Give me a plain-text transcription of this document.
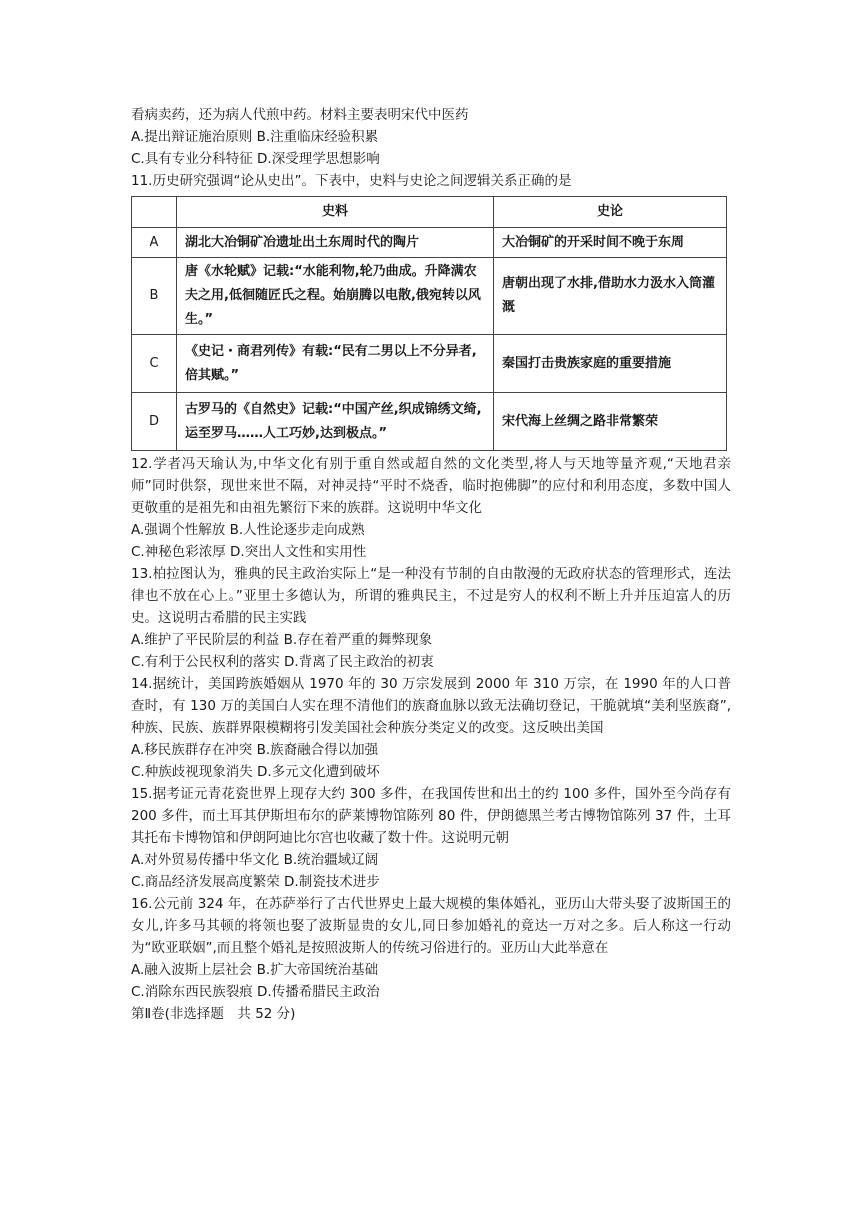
看病卖药，还为病人代煎中药。材料主要表明宋代中医药
A.提出辩证施治原则 B.注重临床经验积累
C.具有专业分科特征 D.深受理学思想影响
11.历史研究强调“论从史出”。下表中，史料与史论之间逻辑关系正确的是
	史料	史论
A	湖北大冶铜矿冶遗址出土东周时代的陶片	大冶铜矿的开采时间不晚于东周
B	唐《水轮赋》记载:“水能利物,轮乃曲成。升降满农夫之用,低徊随匠氏之程。始崩腾以电散,俄宛转以风生。”	唐朝出现了水排,借助水力汲水入筒灌溉
C	《史记・商君列传》有载:“民有二男以上不分异者,倍其赋。”	秦国打击贵族家庭的重要措施
D	古罗马的《自然史》记载:“中国产丝,织成锦绣文绮,运至罗马……人工巧妙,达到极点。”	宋代海上丝绸之路非常繁荣

12.学者冯天瑜认为,中华文化有别于重自然或超自然的文化类型,将人与天地等量齐观,“天地君亲师”同时供祭，现世来世不隔，对神灵持“平时不烧香，临时抱佛脚”的应付和利用态度，多数中国人更敬重的是祖先和由祖先繁衍下来的族群。这说明中华文化

A.强调个性解放 B.人性论逐步走向成熟
C.神秘色彩浓厚 D.突出人文性和实用性

13.柏拉图认为，雅典的民主政治实际上“是一种没有节制的自由散漫的无政府状态的管理形式，连法律也不放在心上。”亚里士多德认为，所谓的雅典民主，不过是穷人的权利不断上升并压迫富人的历史。这说明古希腊的民主实践

A.维护了平民阶层的利益 B.存在着严重的舞弊现象
C.有利于公民权利的落实 D.背离了民主政治的初衷

14.据统计，美国跨族婚姻从 1970 年的 30 万宗发展到 2000 年 310 万宗，在 1990 年的人口普查时，有 130 万的美国白人实在理不清他们的族裔血脉以致无法确切登记，干脆就填“美利坚族裔”,种族、民族、族群界限模糊将引发美国社会种族分类定义的改变。这反映出美国

A.移民族群存在冲突 B.族裔融合得以加强
C.种族歧视现象消失 D.多元文化遭到破坏

15.据考证元青花瓷世界上现存大约 300 多件，在我国传世和出土的约 100 多件，国外至今尚存有 200 多件，而土耳其伊斯坦布尔的萨莱博物馆陈列 80 件，伊朗德黑兰考古博物馆陈列 37 件，土耳其托布卡博物馆和伊朗阿迪比尔宫也收藏了数十件。这说明元朝

A.对外贸易传播中华文化 B.统治疆域辽阔
C.商品经济发展高度繁荣 D.制瓷技术进步

16.公元前 324 年，在苏萨举行了古代世界史上最大规模的集体婚礼，亚历山大带头娶了波斯国王的女儿,许多马其顿的将领也娶了波斯显贵的女儿,同日参加婚礼的竟达一万对之多。后人称这一行动为“欧亚联姻”,而且整个婚礼是按照波斯人的传统习俗进行的。亚历山大此举意在

A.融入波斯上层社会 B.扩大帝国统治基础
C.消除东西民族裂痕 D.传播希腊民主政治
第Ⅱ卷(非选择题　共 52 分)
